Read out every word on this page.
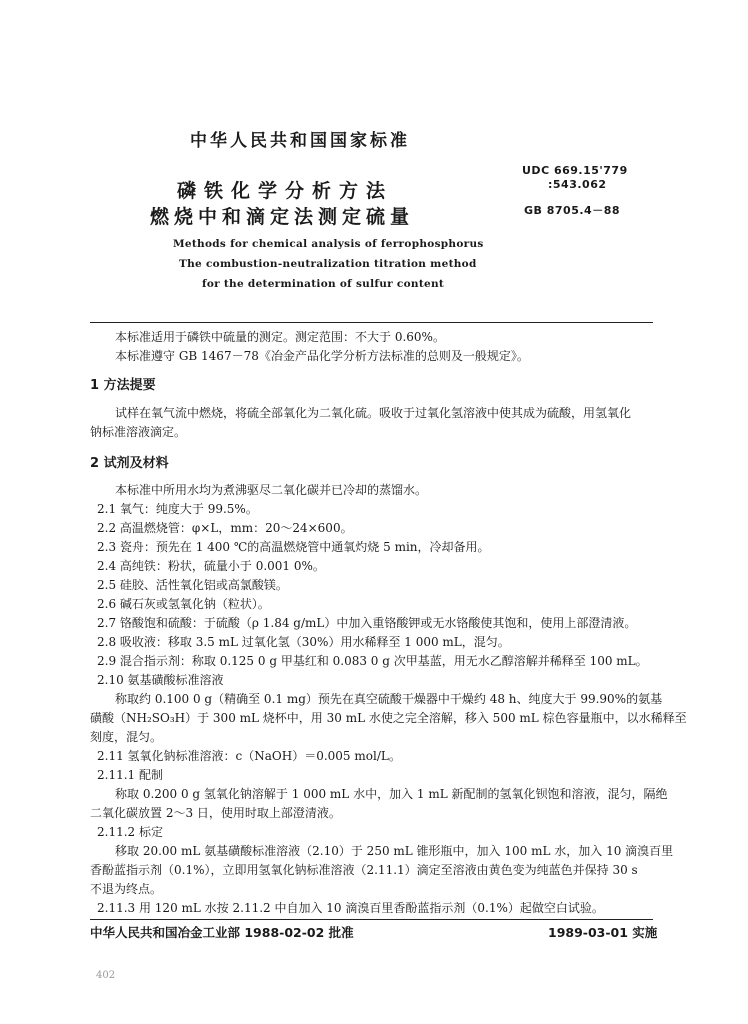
中华人民共和国国家标准
磷铁化学分析方法
燃烧中和滴定法测定硫量
UDC 669.15'779
:543.062
GB 8705.4－88
Methods for chemical analysis of ferrophosphorus
The combustion-neutralization titration method
for the determination of sulfur content
本标准适用于磷铁中硫量的测定。测定范围：不大于 0.60%。
本标准遵守 GB 1467－78《冶金产品化学分析方法标准的总则及一般规定》。
1 方法提要
试样在氧气流中燃烧，将硫全部氧化为二氧化硫。吸收于过氧化氢溶液中使其成为硫酸，用氢氧化
钠标准溶液滴定。
2 试剂及材料
本标准中所用水均为煮沸驱尽二氧化碳并已冷却的蒸馏水。
2.1 氧气：纯度大于 99.5%。
2.2 高温燃烧管：φ×L，mm：20～24×600。
2.3 瓷舟：预先在 1 400 ℃的高温燃烧管中通氧灼烧 5 min，冷却备用。
2.4 高纯铁：粉状，硫量小于 0.001 0%。
2.5 硅胶、活性氧化铝或高氯酸镁。
2.6 碱石灰或氢氧化钠（粒状）。
2.7 铬酸饱和硫酸：于硫酸（ρ 1.84 g/mL）中加入重铬酸钾或无水铬酸使其饱和，使用上部澄清液。
2.8 吸收液：移取 3.5 mL 过氧化氢（30%）用水稀释至 1 000 mL，混匀。
2.9 混合指示剂：称取 0.125 0 g 甲基红和 0.083 0 g 次甲基蓝，用无水乙醇溶解并稀释至 100 mL。
2.10 氨基磺酸标准溶液
称取约 0.100 0 g（精确至 0.1 mg）预先在真空硫酸干燥器中干燥约 48 h、纯度大于 99.90%的氨基
磺酸（NH₂SO₃H）于 300 mL 烧杯中，用 30 mL 水使之完全溶解，移入 500 mL 棕色容量瓶中，以水稀释至
刻度，混匀。
2.11 氢氧化钠标准溶液：c（NaOH）＝0.005 mol/L。
2.11.1 配制
称取 0.200 0 g 氢氧化钠溶解于 1 000 mL 水中，加入 1 mL 新配制的氢氧化钡饱和溶液，混匀，隔绝
二氧化碳放置 2～3 日，使用时取上部澄清液。
2.11.2 标定
移取 20.00 mL 氨基磺酸标准溶液（2.10）于 250 mL 锥形瓶中，加入 100 mL 水，加入 10 滴溴百里
香酚蓝指示剂（0.1%），立即用氢氧化钠标准溶液（2.11.1）滴定至溶液由黄色变为纯蓝色并保持 30 s
不退为终点。
2.11.3 用 120 mL 水按 2.11.2 中自加入 10 滴溴百里香酚蓝指示剂（0.1%）起做空白试验。
中华人民共和国冶金工业部 1988-02-02 批准	1989-03-01 实施
402
